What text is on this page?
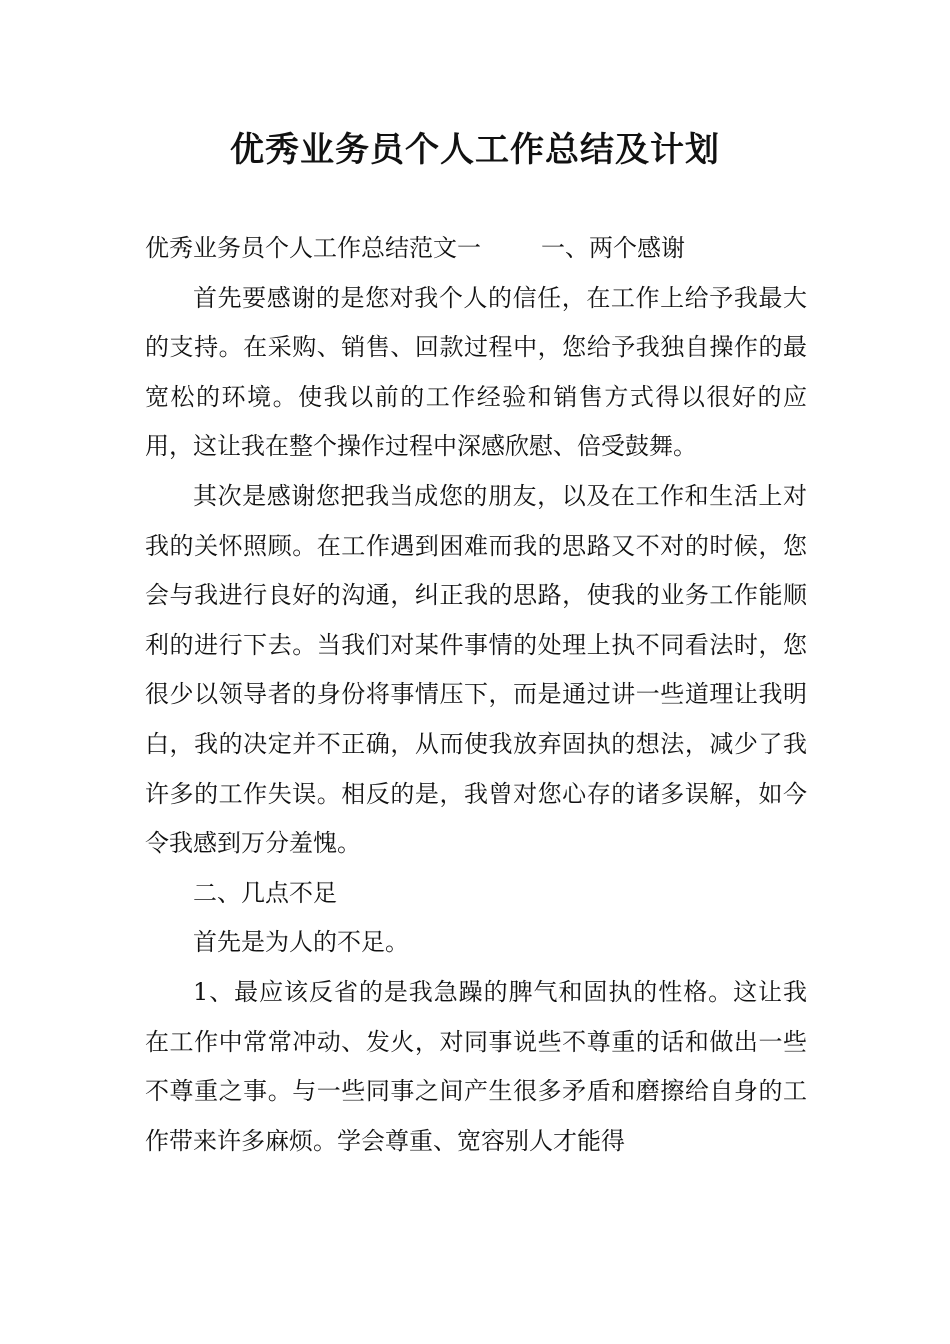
优秀业务员个人工作总结及计划

优秀业务员个人工作总结范文一	一、两个感谢

首先要感谢的是您对我个人的信任，在工作上给予我最大的支持。在采购、销售、回款过程中，您给予我独自操作的最宽松的环境。使我以前的工作经验和销售方式得以很好的应用，这让我在整个操作过程中深感欣慰、倍受鼓舞。

其次是感谢您把我当成您的朋友，以及在工作和生活上对我的关怀照顾。在工作遇到困难而我的思路又不对的时候，您会与我进行良好的沟通，纠正我的思路，使我的业务工作能顺利的进行下去。当我们对某件事情的处理上执不同看法时，您很少以领导者的身份将事情压下，而是通过讲一些道理让我明白，我的决定并不正确，从而使我放弃固执的想法，减少了我许多的工作失误。相反的是，我曾对您心存的诸多误解，如今令我感到万分羞愧。

二、几点不足

首先是为人的不足。

1、最应该反省的是我急躁的脾气和固执的性格。这让我在工作中常常冲动、发火，对同事说些不尊重的话和做出一些不尊重之事。与一些同事之间产生很多矛盾和磨擦给自身的工作带来许多麻烦。学会尊重、宽容别人才能得
